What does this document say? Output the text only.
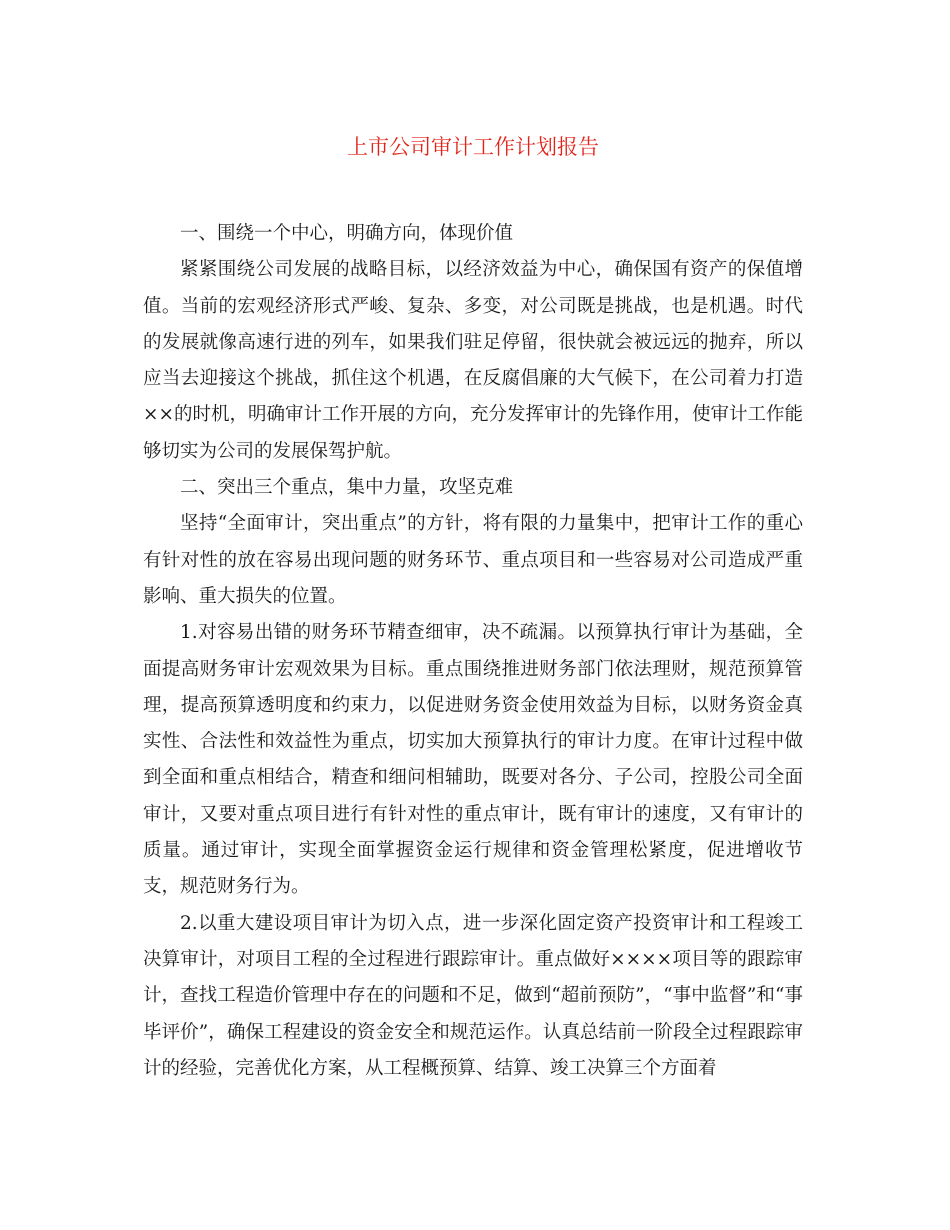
上市公司审计工作计划报告

一、围绕一个中心，明确方向，体现价值

紧紧围绕公司发展的战略目标，以经济效益为中心，确保国有资产的保值增值。当前的宏观经济形式严峻、复杂、多变，对公司既是挑战，也是机遇。时代的发展就像高速行进的列车，如果我们驻足停留，很快就会被远远的抛弃，所以应当去迎接这个挑战，抓住这个机遇，在反腐倡廉的大气候下，在公司着力打造××的时机，明确审计工作开展的方向，充分发挥审计的先锋作用，使审计工作能够切实为公司的发展保驾护航。

二、突出三个重点，集中力量，攻坚克难

坚持“全面审计，突出重点”的方针，将有限的力量集中，把审计工作的重心有针对性的放在容易出现问题的财务环节、重点项目和一些容易对公司造成严重影响、重大损失的位置。

1.对容易出错的财务环节精查细审，决不疏漏。以预算执行审计为基础，全面提高财务审计宏观效果为目标。重点围绕推进财务部门依法理财，规范预算管理，提高预算透明度和约束力，以促进财务资金使用效益为目标，以财务资金真实性、合法性和效益性为重点，切实加大预算执行的审计力度。在审计过程中做到全面和重点相结合，精查和细问相辅助，既要对各分、子公司，控股公司全面审计，又要对重点项目进行有针对性的重点审计，既有审计的速度，又有审计的质量。通过审计，实现全面掌握资金运行规律和资金管理松紧度，促进增收节支，规范财务行为。

2.以重大建设项目审计为切入点，进一步深化固定资产投资审计和工程竣工决算审计，对项目工程的全过程进行跟踪审计。重点做好××××项目等的跟踪审计，查找工程造价管理中存在的问题和不足，做到“超前预防”，“事中监督”和“事毕评价”，确保工程建设的资金安全和规范运作。认真总结前一阶段全过程跟踪审计的经验，完善优化方案，从工程概预算、结算、竣工决算三个方面着
